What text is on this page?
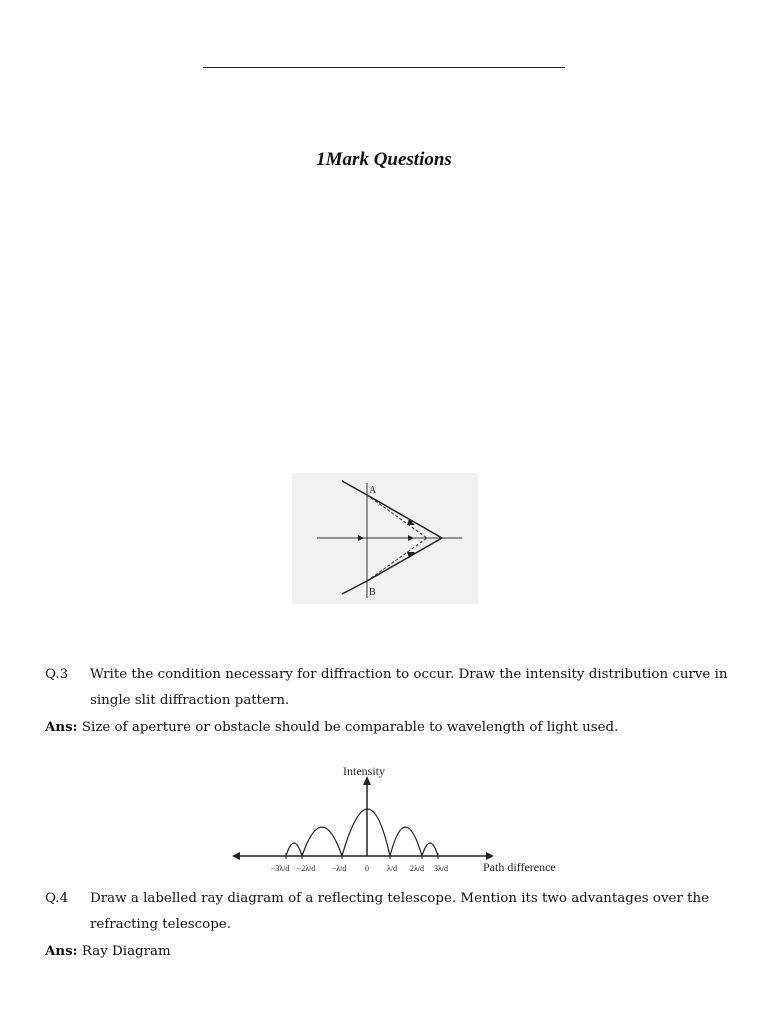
1Mark Questions
A
B
Q.3 Write the condition necessary for diffraction to occur. Draw the intensity distribution curve in single slit diffraction pattern.
Ans: Size of aperture or obstacle should be comparable to wavelength of light used.
Intensity
Path difference
−3λ/d −2λ/d −λ/d 0 λ/d 2λ/d 3λ/d
Q.4 Draw a labelled ray diagram of a reflecting telescope. Mention its two advantages over the refracting telescope.
Ans: Ray Diagram
